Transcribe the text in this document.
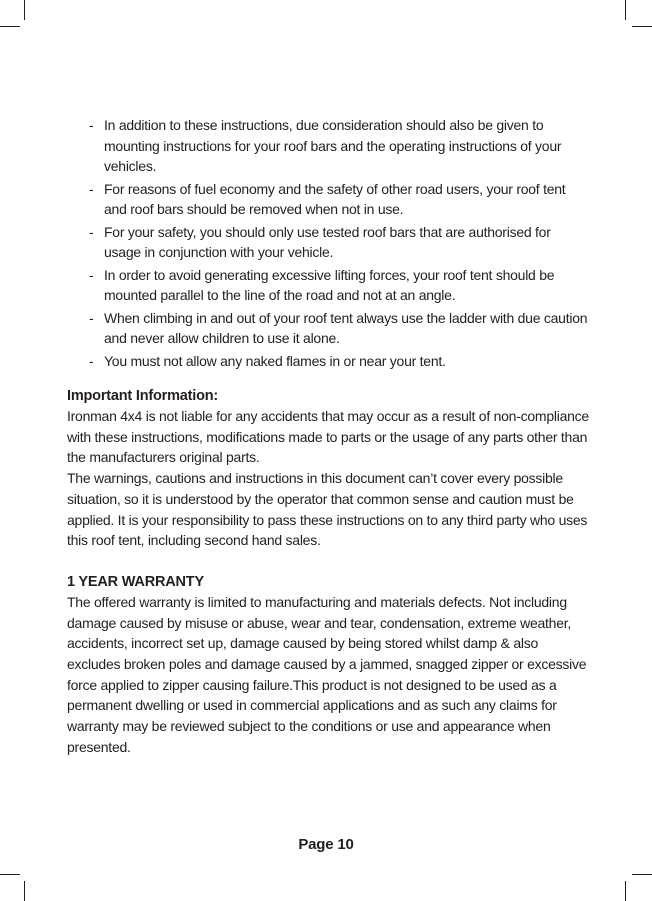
- In addition to these instructions, due consideration should also be given to mounting instructions for your roof bars and the operating instructions of your vehicles.
- For reasons of fuel economy and the safety of other road users, your roof tent and roof bars should be removed when not in use.
- For your safety, you should only use tested roof bars that are authorised for usage in conjunction with your vehicle.
- In order to avoid generating excessive lifting forces, your roof tent should be mounted parallel to the line of the road and not at an angle.
- When climbing in and out of your roof tent always use the ladder with due caution and never allow children to use it alone.
- You must not allow any naked flames in or near your tent.
Important Information:

Ironman 4x4 is not liable for any accidents that may occur as a result of non-compliance with these instructions, modifications made to parts or the usage of any parts other than the manufacturers original parts.

The warnings, cautions and instructions in this document can’t cover every possible situation, so it is understood by the operator that common sense and caution must be applied. It is your responsibility to pass these instructions on to any third party who uses this roof tent, including second hand sales.

1 YEAR WARRANTY

The offered warranty is limited to manufacturing and materials defects. Not including damage caused by misuse or abuse, wear and tear, condensation, extreme weather, accidents, incorrect set up, damage caused by being stored whilst damp & also excludes broken poles and damage caused by a jammed, snagged zipper or excessive force applied to zipper causing failure.This product is not designed to be used as a permanent dwelling or used in commercial applications and as such any claims for warranty may be reviewed subject to the conditions or use and appearance when presented.

Page 10
